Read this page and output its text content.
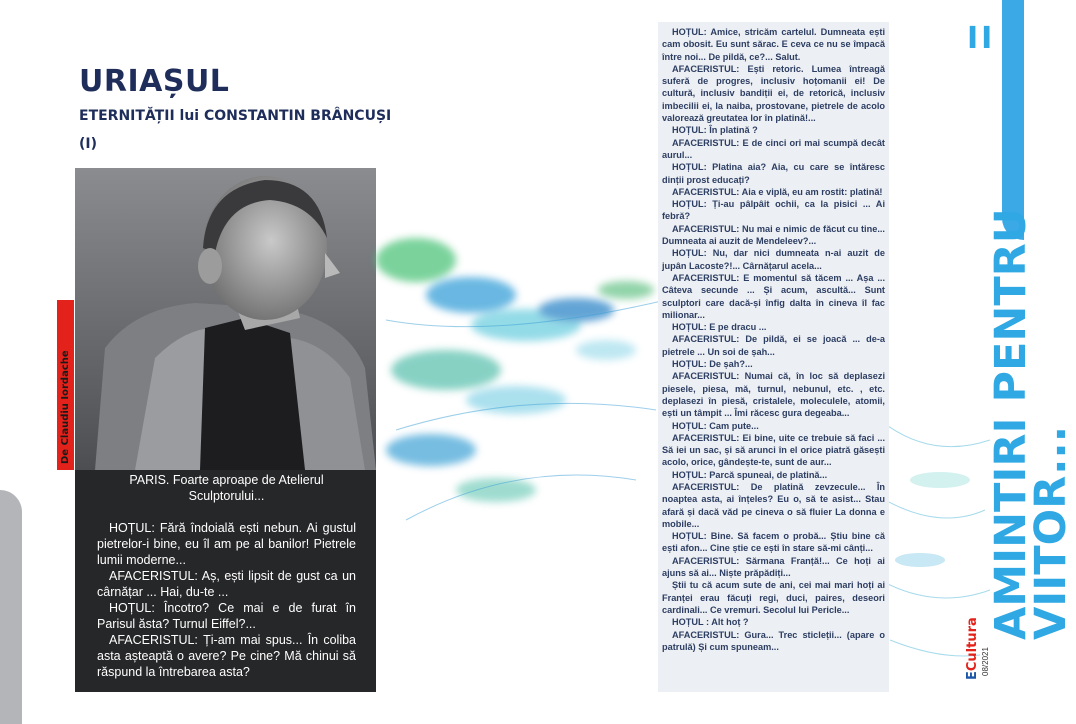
URIAȘUL
ETERNITĂȚII lui CONSTANTIN BRÂNCUȘI
(I)
De Claudiu Iordache
PARIS. Foarte aproape de Atelierul Sculptorului...

HOȚUL: Fără îndoială ești nebun. Ai gustul pietrelor-i bine, eu îl am pe al banilor! Pietrele lumii moderne...

AFACERISTUL: Aș, ești lipsit de gust ca un cârnățar ... Hai, du-te ...

HOȚUL: Încotro? Ce mai e de furat în Parisul ăsta? Turnul Eiffel?...

AFACERISTUL: Ți-am mai spus... În coliba asta așteaptă o avere? Pe cine? Mă chinui să răspund la întrebarea asta?

HOȚUL: Amice, stricăm cartelul. Dumneata ești cam obosit. Eu sunt sărac. E ceva ce nu se împacă între noi... De pildă, ce?... Salut.

AFACERISTUL: Ești retoric. Lumea întreagă suferă de progres, inclusiv hoțomanii ei! De cultură, inclusiv bandiții ei, de retorică, inclusiv imbecilii ei, la naiba, prostovane, pietrele de acolo valorează greutatea lor în platină!...

HOȚUL: În platină ?

AFACERISTUL: E de cinci ori mai scumpă decât aurul...

HOȚUL: Platina aia? Aia, cu care se întăresc dinții prost educați?

AFACERISTUL: Aia e viplă, eu am rostit: platină!

HOȚUL: Ți-au pâlpâit ochii, ca la pisici ... Ai febră?

AFACERISTUL: Nu mai e nimic de făcut cu tine... Dumneata ai auzit de Mendeleev?...

HOȚUL: Nu, dar nici dumneata n-ai auzit de jupân Lacoste?!... Cârnățarul acela...

AFACERISTUL: E momentul să tăcem ... Așa ... Câteva secunde ... Și acum, ascultă... Sunt sculptori care dacă-și înfig dalta în cineva îl fac milionar...

HOȚUL: E pe dracu ...

AFACERISTUL: De pildă, ei se joacă ... de-a pietrele ... Un soi de șah...

HOȚUL: De șah?...

AFACERISTUL: Numai că, în loc să deplasezi piesele, piesa, mă, turnul, nebunul, etc. , etc. deplasezi în piesă, cristalele, moleculele, atomii, ești un tâmpit ... Îmi răcesc gura degeaba...

HOȚUL: Cam pute...

AFACERISTUL: Ei bine, uite ce trebuie să faci ... Să iei un sac, și să arunci în el orice piatră găsești acolo, orice, gândește-te, sunt de aur...

HOȚUL: Parcă spuneai, de platină...

AFACERISTUL: De platină zevzecule... În noaptea asta, ai înțeles? Eu o, să te asist... Stau afară și dacă văd pe cineva o să fluier La donna e mobile...

HOȚUL: Bine. Să facem o probă... Știu bine că ești afon... Cine știe ce ești în stare să-mi cânți...

AFACERISTUL: Sărmana Franță!... Ce hoți ai ajuns să ai... Niște prăpădiți...

Știi tu că acum sute de ani, cei mai mari hoți ai Franței erau făcuți regi, duci, paires, deseori cardinali... Ce vremuri. Secolul lui Pericle...

HOȚUL : Alt hoț ?

AFACERISTUL: Gura... Trec sticleții... (apare o patrulă) Și cum spuneam...

II
AMINTIRI PENTRU
VIITOR...
ECultura 08/2021
